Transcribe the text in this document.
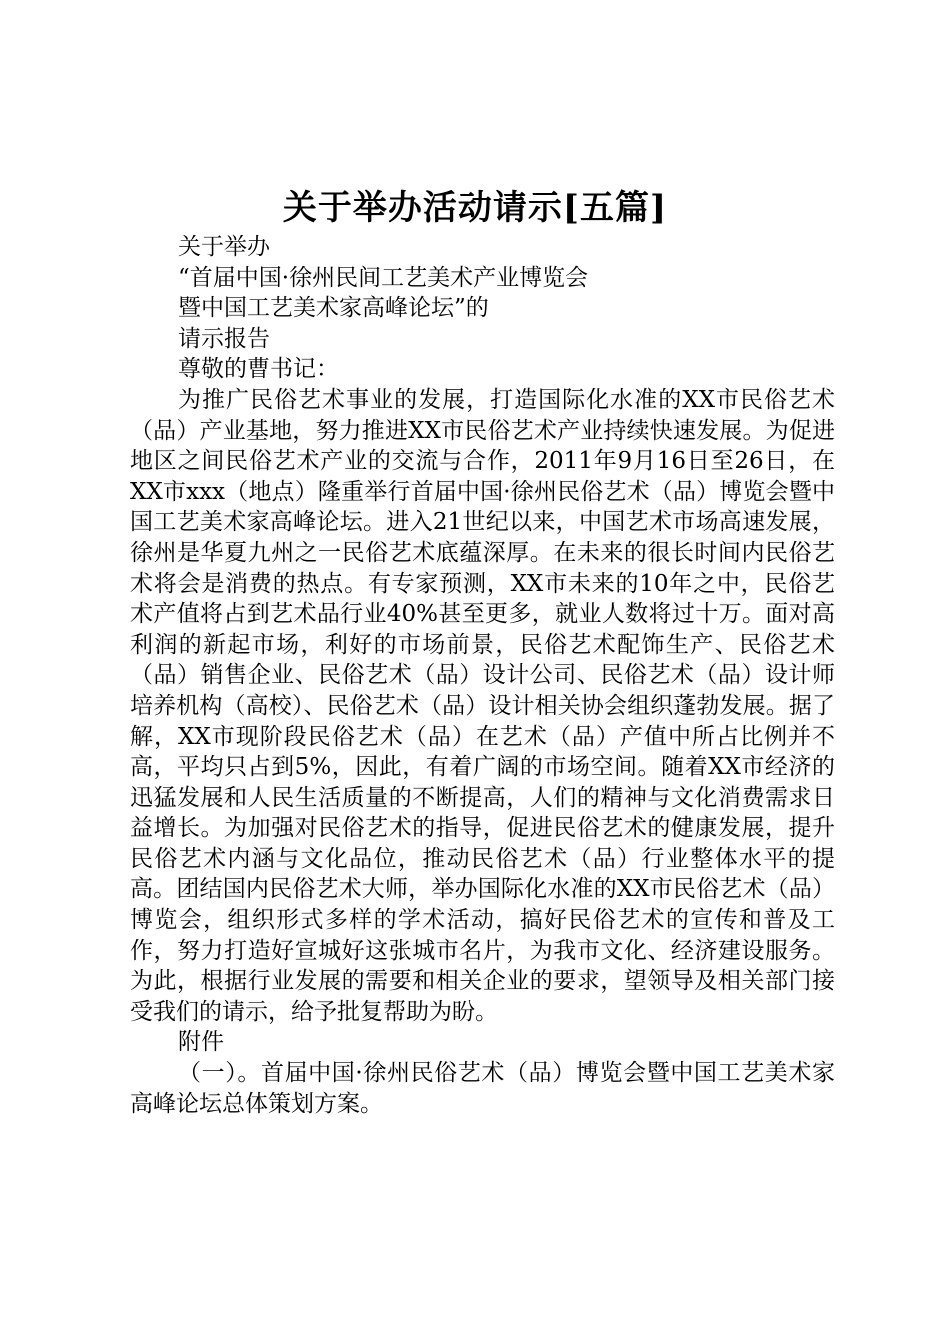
关于举办活动请示[五篇]

关于举办

“首届中国·徐州民间工艺美术产业博览会

暨中国工艺美术家高峰论坛”的

请示报告

尊敬的曹书记：

为推广民俗艺术事业的发展，打造国际化水准的XX市民俗艺术（品）产业基地，努力推进XX市民俗艺术产业持续快速发展。为促进地区之间民俗艺术产业的交流与合作，2011年9月16日至26日，在XX市xxx（地点）隆重举行首届中国·徐州民俗艺术（品）博览会暨中国工艺美术家高峰论坛。进入21世纪以来，中国艺术市场高速发展，徐州是华夏九州之一民俗艺术底蕴深厚。在未来的很长时间内民俗艺术将会是消费的热点。有专家预测，XX市未来的10年之中，民俗艺术产值将占到艺术品行业40%甚至更多，就业人数将过十万。面对高利润的新起市场，利好的市场前景，民俗艺术配饰生产、民俗艺术（品）销售企业、民俗艺术（品）设计公司、民俗艺术（品）设计师培养机构（高校）、民俗艺术（品）设计相关协会组织蓬勃发展。据了解，XX市现阶段民俗艺术（品）在艺术（品）产值中所占比例并不高，平均只占到5%，因此，有着广阔的市场空间。随着XX市经济的迅猛发展和人民生活质量的不断提高，人们的精神与文化消费需求日益增长。为加强对民俗艺术的指导，促进民俗艺术的健康发展，提升民俗艺术内涵与文化品位，推动民俗艺术（品）行业整体水平的提高。团结国内民俗艺术大师，举办国际化水准的XX市民俗艺术（品）博览会，组织形式多样的学术活动，搞好民俗艺术的宣传和普及工作，努力打造好宣城好这张城市名片，为我市文化、经济建设服务。为此，根据行业发展的需要和相关企业的要求，望领导及相关部门接受我们的请示，给予批复帮助为盼。

附件

（一）。首届中国·徐州民俗艺术（品）博览会暨中国工艺美术家高峰论坛总体策划方案。
